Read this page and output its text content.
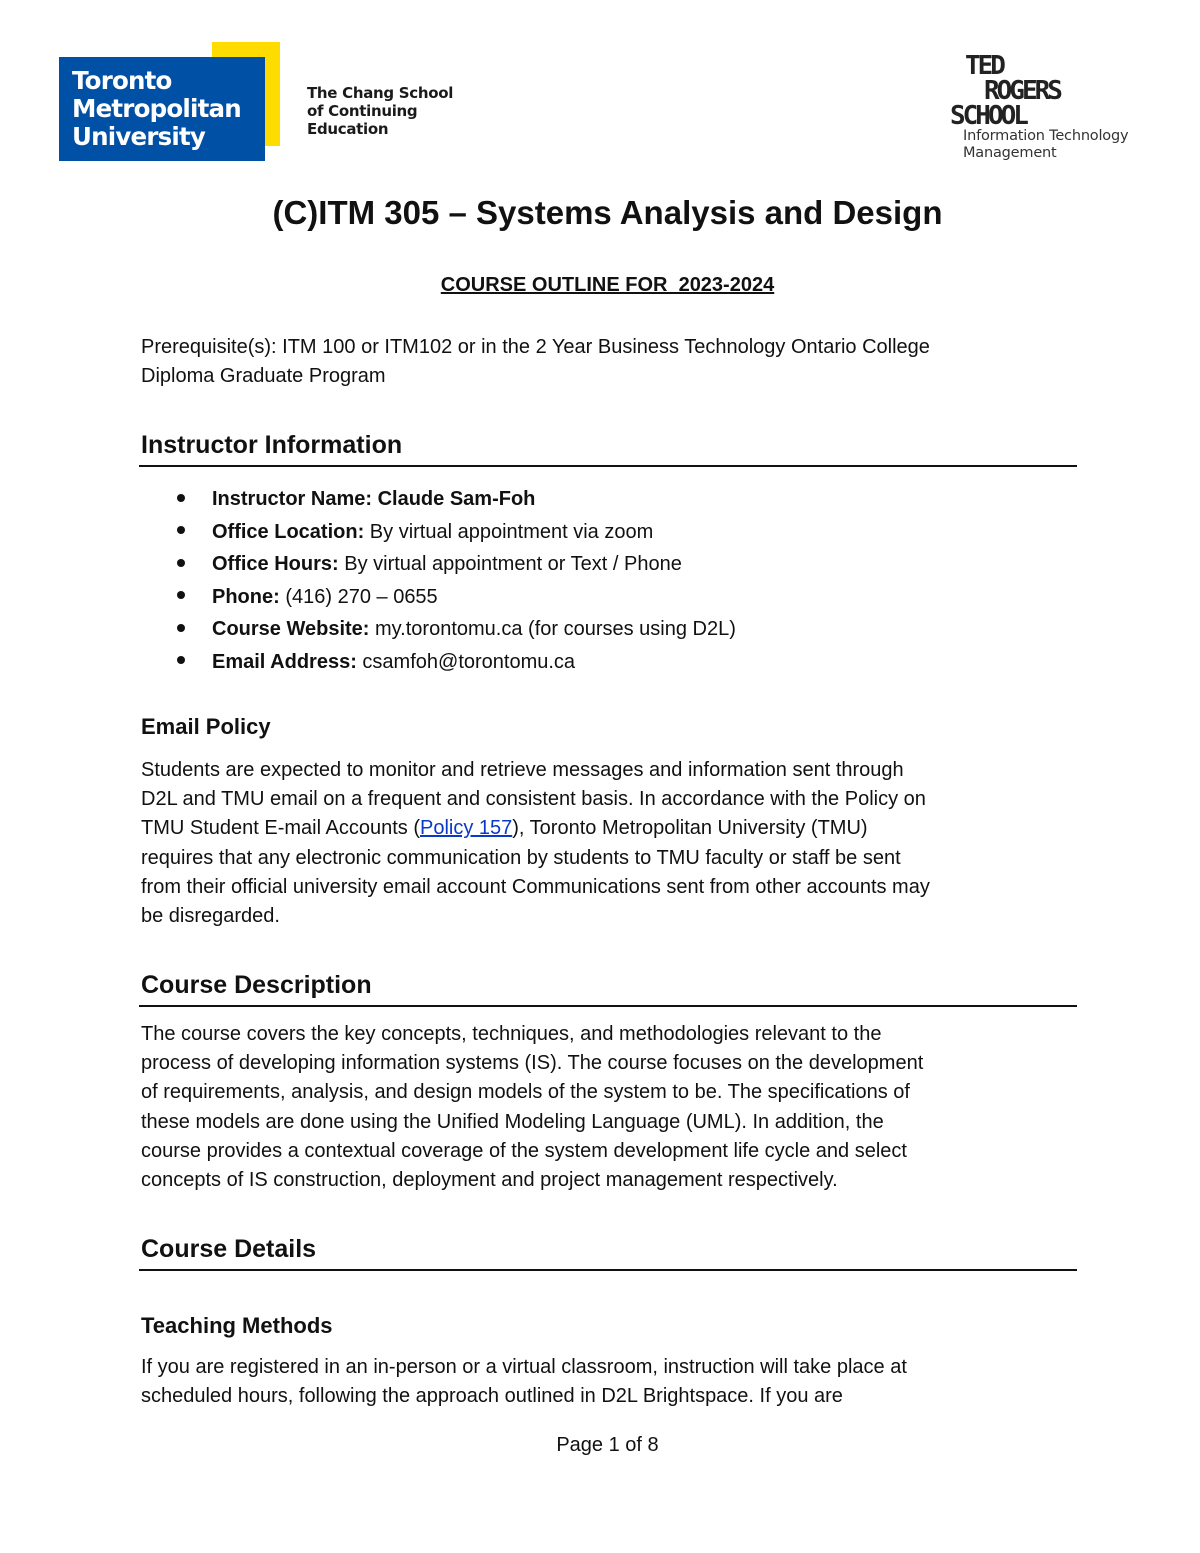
Toronto
Metropolitan
University
The Chang School
of Continuing
Education
TED
ROGERS
SCHOOL
Information Technology
Management
(C)ITM 305 – Systems Analysis and Design
COURSE OUTLINE FOR  2023-2024
Prerequisite(s): ITM 100 or ITM102 or in the 2 Year Business Technology Ontario College
Diploma Graduate Program
Instructor Information
Instructor Name: Claude Sam-Foh
Office Location: By virtual appointment via zoom
Office Hours: By virtual appointment or Text / Phone
Phone: (416) 270 – 0655
Course Website: my.torontomu.ca (for courses using D2L)
Email Address: csamfoh@torontomu.ca
Email Policy
Students are expected to monitor and retrieve messages and information sent through
D2L and TMU email on a frequent and consistent basis. In accordance with the Policy on
TMU Student E-mail Accounts (Policy 157), Toronto Metropolitan University (TMU)
requires that any electronic communication by students to TMU faculty or staff be sent
from their official university email account Communications sent from other accounts may
be disregarded.
Course Description
The course covers the key concepts, techniques, and methodologies relevant to the
process of developing information systems (IS). The course focuses on the development
of requirements, analysis, and design models of the system to be. The specifications of
these models are done using the Unified Modeling Language (UML). In addition, the
course provides a contextual coverage of the system development life cycle and select
concepts of IS construction, deployment and project management respectively.
Course Details
Teaching Methods
If you are registered in an in-person or a virtual classroom, instruction will take place at
scheduled hours, following the approach outlined in D2L Brightspace. If you are
Page 1 of 8
